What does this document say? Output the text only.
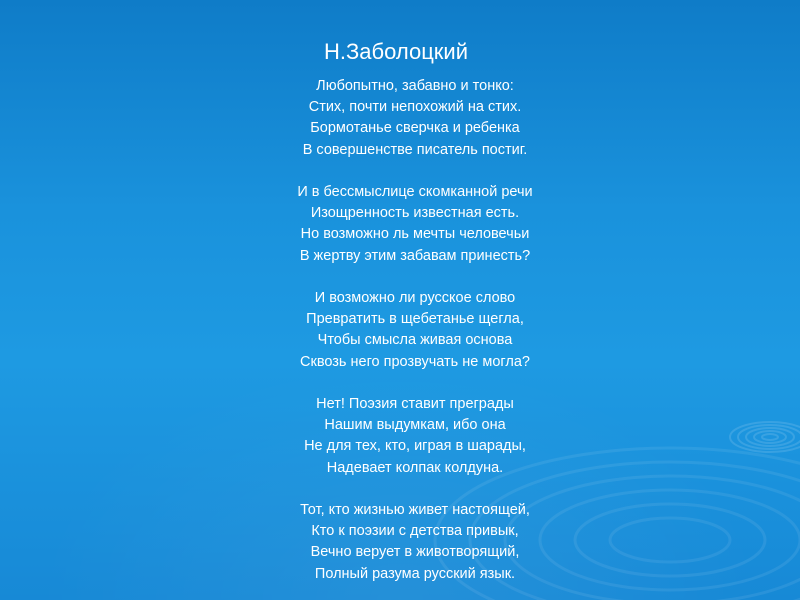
Н.Заболоцкий
Любопытно, забавно и тонко:
Стих, почти непохожий на стих.
Бормотанье сверчка и ребенка
В совершенстве писатель постиг.
И в бессмыслице скомканной речи
Изощренность известная есть.
Но возможно ль мечты человечьи
В жертву этим забавам принесть?
И возможно ли русское слово
Превратить в щебетанье щегла,
Чтобы смысла живая основа
Сквозь него прозвучать не могла?
Нет! Поэзия ставит преграды
Нашим выдумкам, ибо она
Не для тех, кто, играя в шарады,
Надевает колпак колдуна.
Тот, кто жизнью живет настоящей,
Кто к поэзии с детства привык,
Вечно верует в животворящий,
Полный разума русский язык.
